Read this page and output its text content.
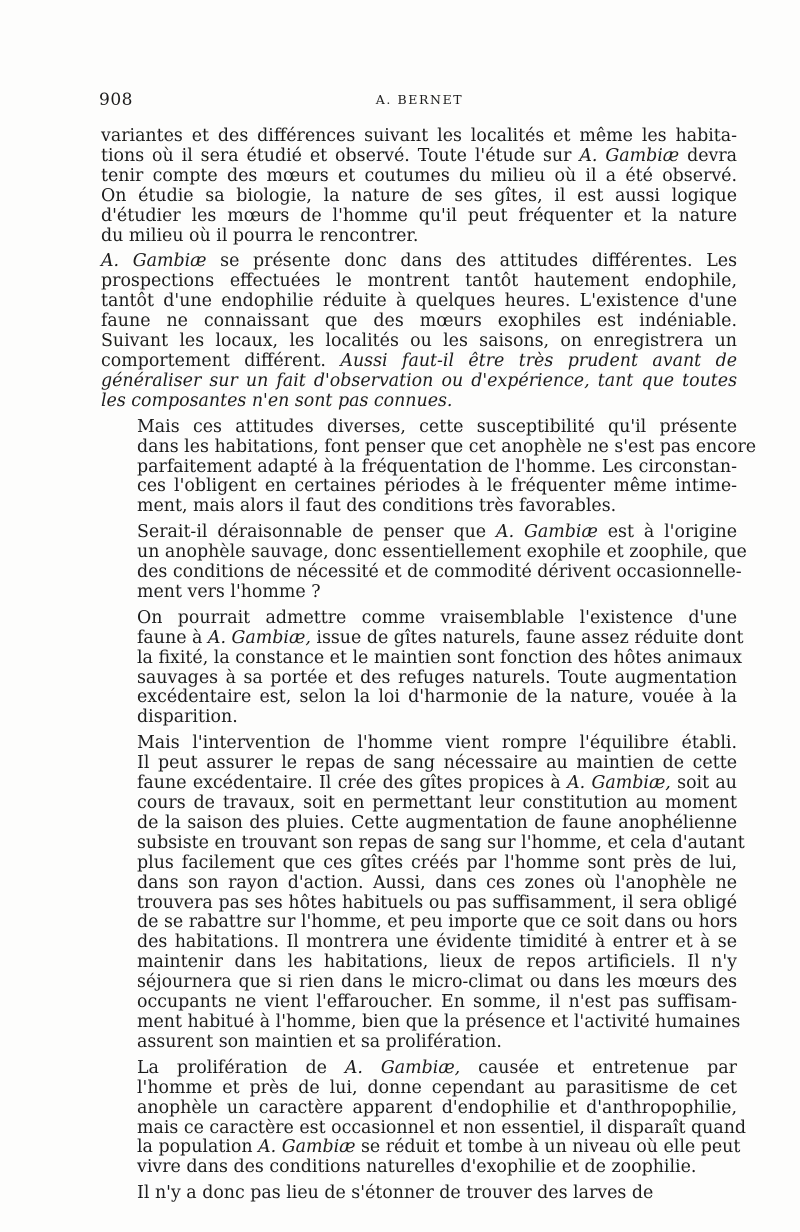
908	A. BERNET

variantes et des différences suivant les localités et même les habita-
tions où il sera étudié et observé. Toute l'étude sur A. Gambiæ devra
tenir compte des mœurs et coutumes du milieu où il a été observé.
On étudie sa biologie, la nature de ses gîtes, il est aussi logique
d'étudier les mœurs de l'homme qu'il peut fréquenter et la nature
du milieu où il pourra le rencontrer.

A. Gambiæ se présente donc dans des attitudes différentes. Les
prospections effectuées le montrent tantôt hautement endophile,
tantôt d'une endophilie réduite à quelques heures. L'existence d'une
faune ne connaissant que des mœurs exophiles est indéniable.
Suivant les locaux, les localités ou les saisons, on enregistrera un
comportement différent. Aussi faut-il être très prudent avant de
généraliser sur un fait d'observation ou d'expérience, tant que toutes
les composantes n'en sont pas connues.

Mais ces attitudes diverses, cette susceptibilité qu'il présente
dans les habitations, font penser que cet anophèle ne s'est pas encore
parfaitement adapté à la fréquentation de l'homme. Les circonstan-
ces l'obligent en certaines périodes à le fréquenter même intime-
ment, mais alors il faut des conditions très favorables.

Serait-il déraisonnable de penser que A. Gambiæ est à l'origine
un anophèle sauvage, donc essentiellement exophile et zoophile, que
des conditions de nécessité et de commodité dérivent occasionnelle-
ment vers l'homme ?

On pourrait admettre comme vraisemblable l'existence d'une
faune à A. Gambiæ, issue de gîtes naturels, faune assez réduite dont
la fixité, la constance et le maintien sont fonction des hôtes animaux
sauvages à sa portée et des refuges naturels. Toute augmentation
excédentaire est, selon la loi d'harmonie de la nature, vouée à la
disparition.

Mais l'intervention de l'homme vient rompre l'équilibre établi.
Il peut assurer le repas de sang nécessaire au maintien de cette
faune excédentaire. Il crée des gîtes propices à A. Gambiæ, soit au
cours de travaux, soit en permettant leur constitution au moment
de la saison des pluies. Cette augmentation de faune anophélienne
subsiste en trouvant son repas de sang sur l'homme, et cela d'autant
plus facilement que ces gîtes créés par l'homme sont près de lui,
dans son rayon d'action. Aussi, dans ces zones où l'anophèle ne
trouvera pas ses hôtes habituels ou pas suffisamment, il sera obligé
de se rabattre sur l'homme, et peu importe que ce soit dans ou hors
des habitations. Il montrera une évidente timidité à entrer et à se
maintenir dans les habitations, lieux de repos artificiels. Il n'y
séjournera que si rien dans le micro-climat ou dans les mœurs des
occupants ne vient l'effaroucher. En somme, il n'est pas suffisam-
ment habitué à l'homme, bien que la présence et l'activité humaines
assurent son maintien et sa prolifération.

La prolifération de A. Gambiæ, causée et entretenue par
l'homme et près de lui, donne cependant au parasitisme de cet
anophèle un caractère apparent d'endophilie et d'anthropophilie,
mais ce caractère est occasionnel et non essentiel, il disparaît quand
la population A. Gambiæ se réduit et tombe à un niveau où elle peut
vivre dans des conditions naturelles d'exophilie et de zoophilie.

Il n'y a donc pas lieu de s'étonner de trouver des larves de
